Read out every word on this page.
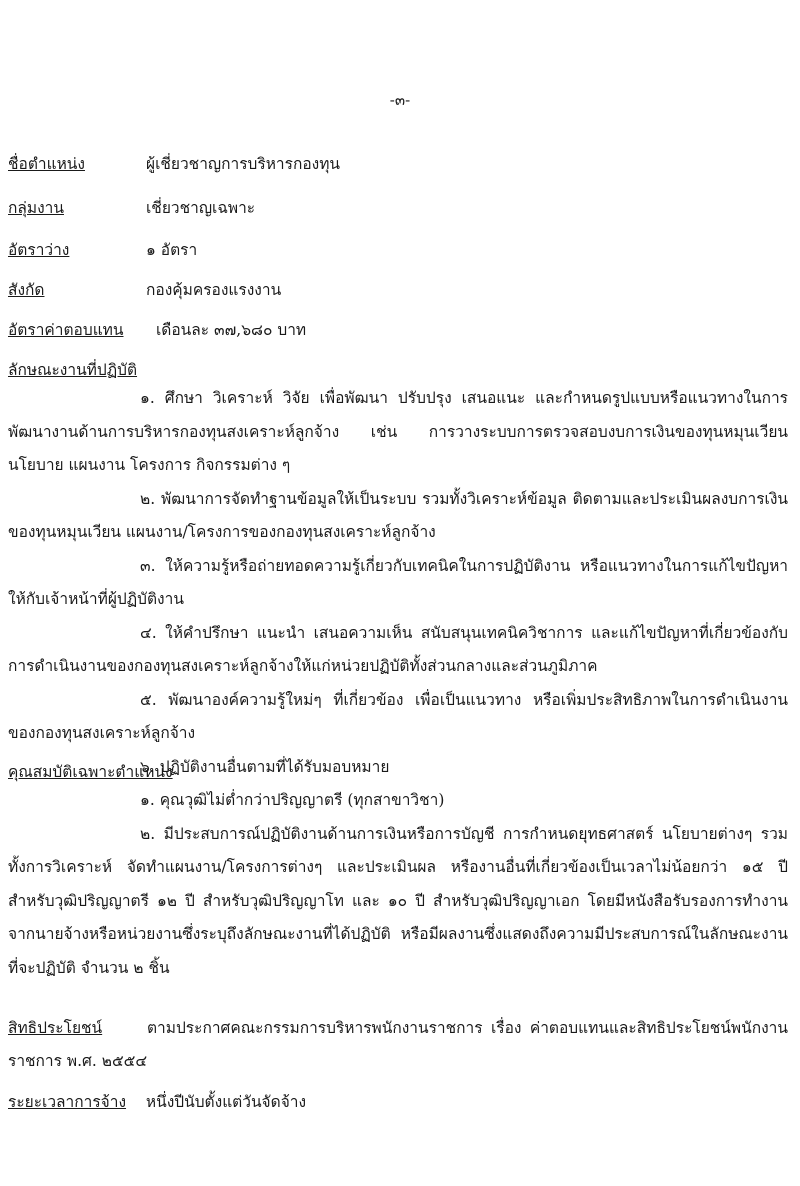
-๓-
ชื่อตำแหน่ง	ผู้เชี่ยวชาญการบริหารกองทุน
กลุ่มงาน	เชี่ยวชาญเฉพาะ
อัตราว่าง	๑ อัตรา
สังกัด	กองคุ้มครองแรงงาน
อัตราค่าตอบแทน เดือนละ ๓๗,๖๘๐ บาท
ลักษณะงานที่ปฏิบัติ

๑. ศึกษา วิเคราะห์ วิจัย เพื่อพัฒนา ปรับปรุง เสนอแนะ และกำหนดรูปแบบหรือแนวทางในการพัฒนางานด้านการบริหารกองทุนสงเคราะห์ลูกจ้าง เช่น การวางระบบการตรวจสอบงบการเงินของทุนหมุนเวียน นโยบาย แผนงาน โครงการ กิจกรรมต่าง ๆ

๒. พัฒนาการจัดทำฐานข้อมูลให้เป็นระบบ รวมทั้งวิเคราะห์ข้อมูล ติดตามและประเมินผลงบการเงินของทุนหมุนเวียน แผนงาน/โครงการของกองทุนสงเคราะห์ลูกจ้าง

๓. ให้ความรู้หรือถ่ายทอดความรู้เกี่ยวกับเทคนิคในการปฏิบัติงาน หรือแนวทางในการแก้ไขปัญหาให้กับเจ้าหน้าที่ผู้ปฏิบัติงาน

๔. ให้คำปรึกษา แนะนำ เสนอความเห็น สนับสนุนเทคนิควิชาการ และแก้ไขปัญหาที่เกี่ยวข้องกับการดำเนินงานของกองทุนสงเคราะห์ลูกจ้างให้แก่หน่วยปฏิบัติทั้งส่วนกลางและส่วนภูมิภาค

๕. พัฒนาองค์ความรู้ใหม่ๆ ที่เกี่ยวข้อง เพื่อเป็นแนวทาง หรือเพิ่มประสิทธิภาพในการดำเนินงานของกองทุนสงเคราะห์ลูกจ้าง

๖. ปฏิบัติงานอื่นตามที่ได้รับมอบหมาย

คุณสมบัติเฉพาะตำแหน่ง

๑. คุณวุฒิไม่ต่ำกว่าปริญญาตรี (ทุกสาขาวิชา)

๒. มีประสบการณ์ปฏิบัติงานด้านการเงินหรือการบัญชี การกำหนดยุทธศาสตร์ นโยบายต่างๆ รวมทั้งการวิเคราะห์ จัดทำแผนงาน/โครงการต่างๆ และประเมินผล หรืองานอื่นที่เกี่ยวข้องเป็นเวลาไม่น้อยกว่า ๑๕ ปี สำหรับวุฒิปริญญาตรี ๑๒ ปี สำหรับวุฒิปริญญาโท และ ๑๐ ปี สำหรับวุฒิปริญญาเอก โดยมีหนังสือรับรองการทำงานจากนายจ้างหรือหน่วยงานซึ่งระบุถึงลักษณะงานที่ได้ปฏิบัติ หรือมีผลงานซึ่งแสดงถึงความมีประสบการณ์ในลักษณะงานที่จะปฏิบัติ จำนวน ๒ ชิ้น

สิทธิประโยชน์	ตามประกาศคณะกรรมการบริหารพนักงานราชการ เรื่อง ค่าตอบแทนและสิทธิประโยชน์พนักงานราชการ พ.ศ. ๒๕๕๔
ระยะเวลาการจ้าง หนึ่งปีนับตั้งแต่วันจัดจ้าง
